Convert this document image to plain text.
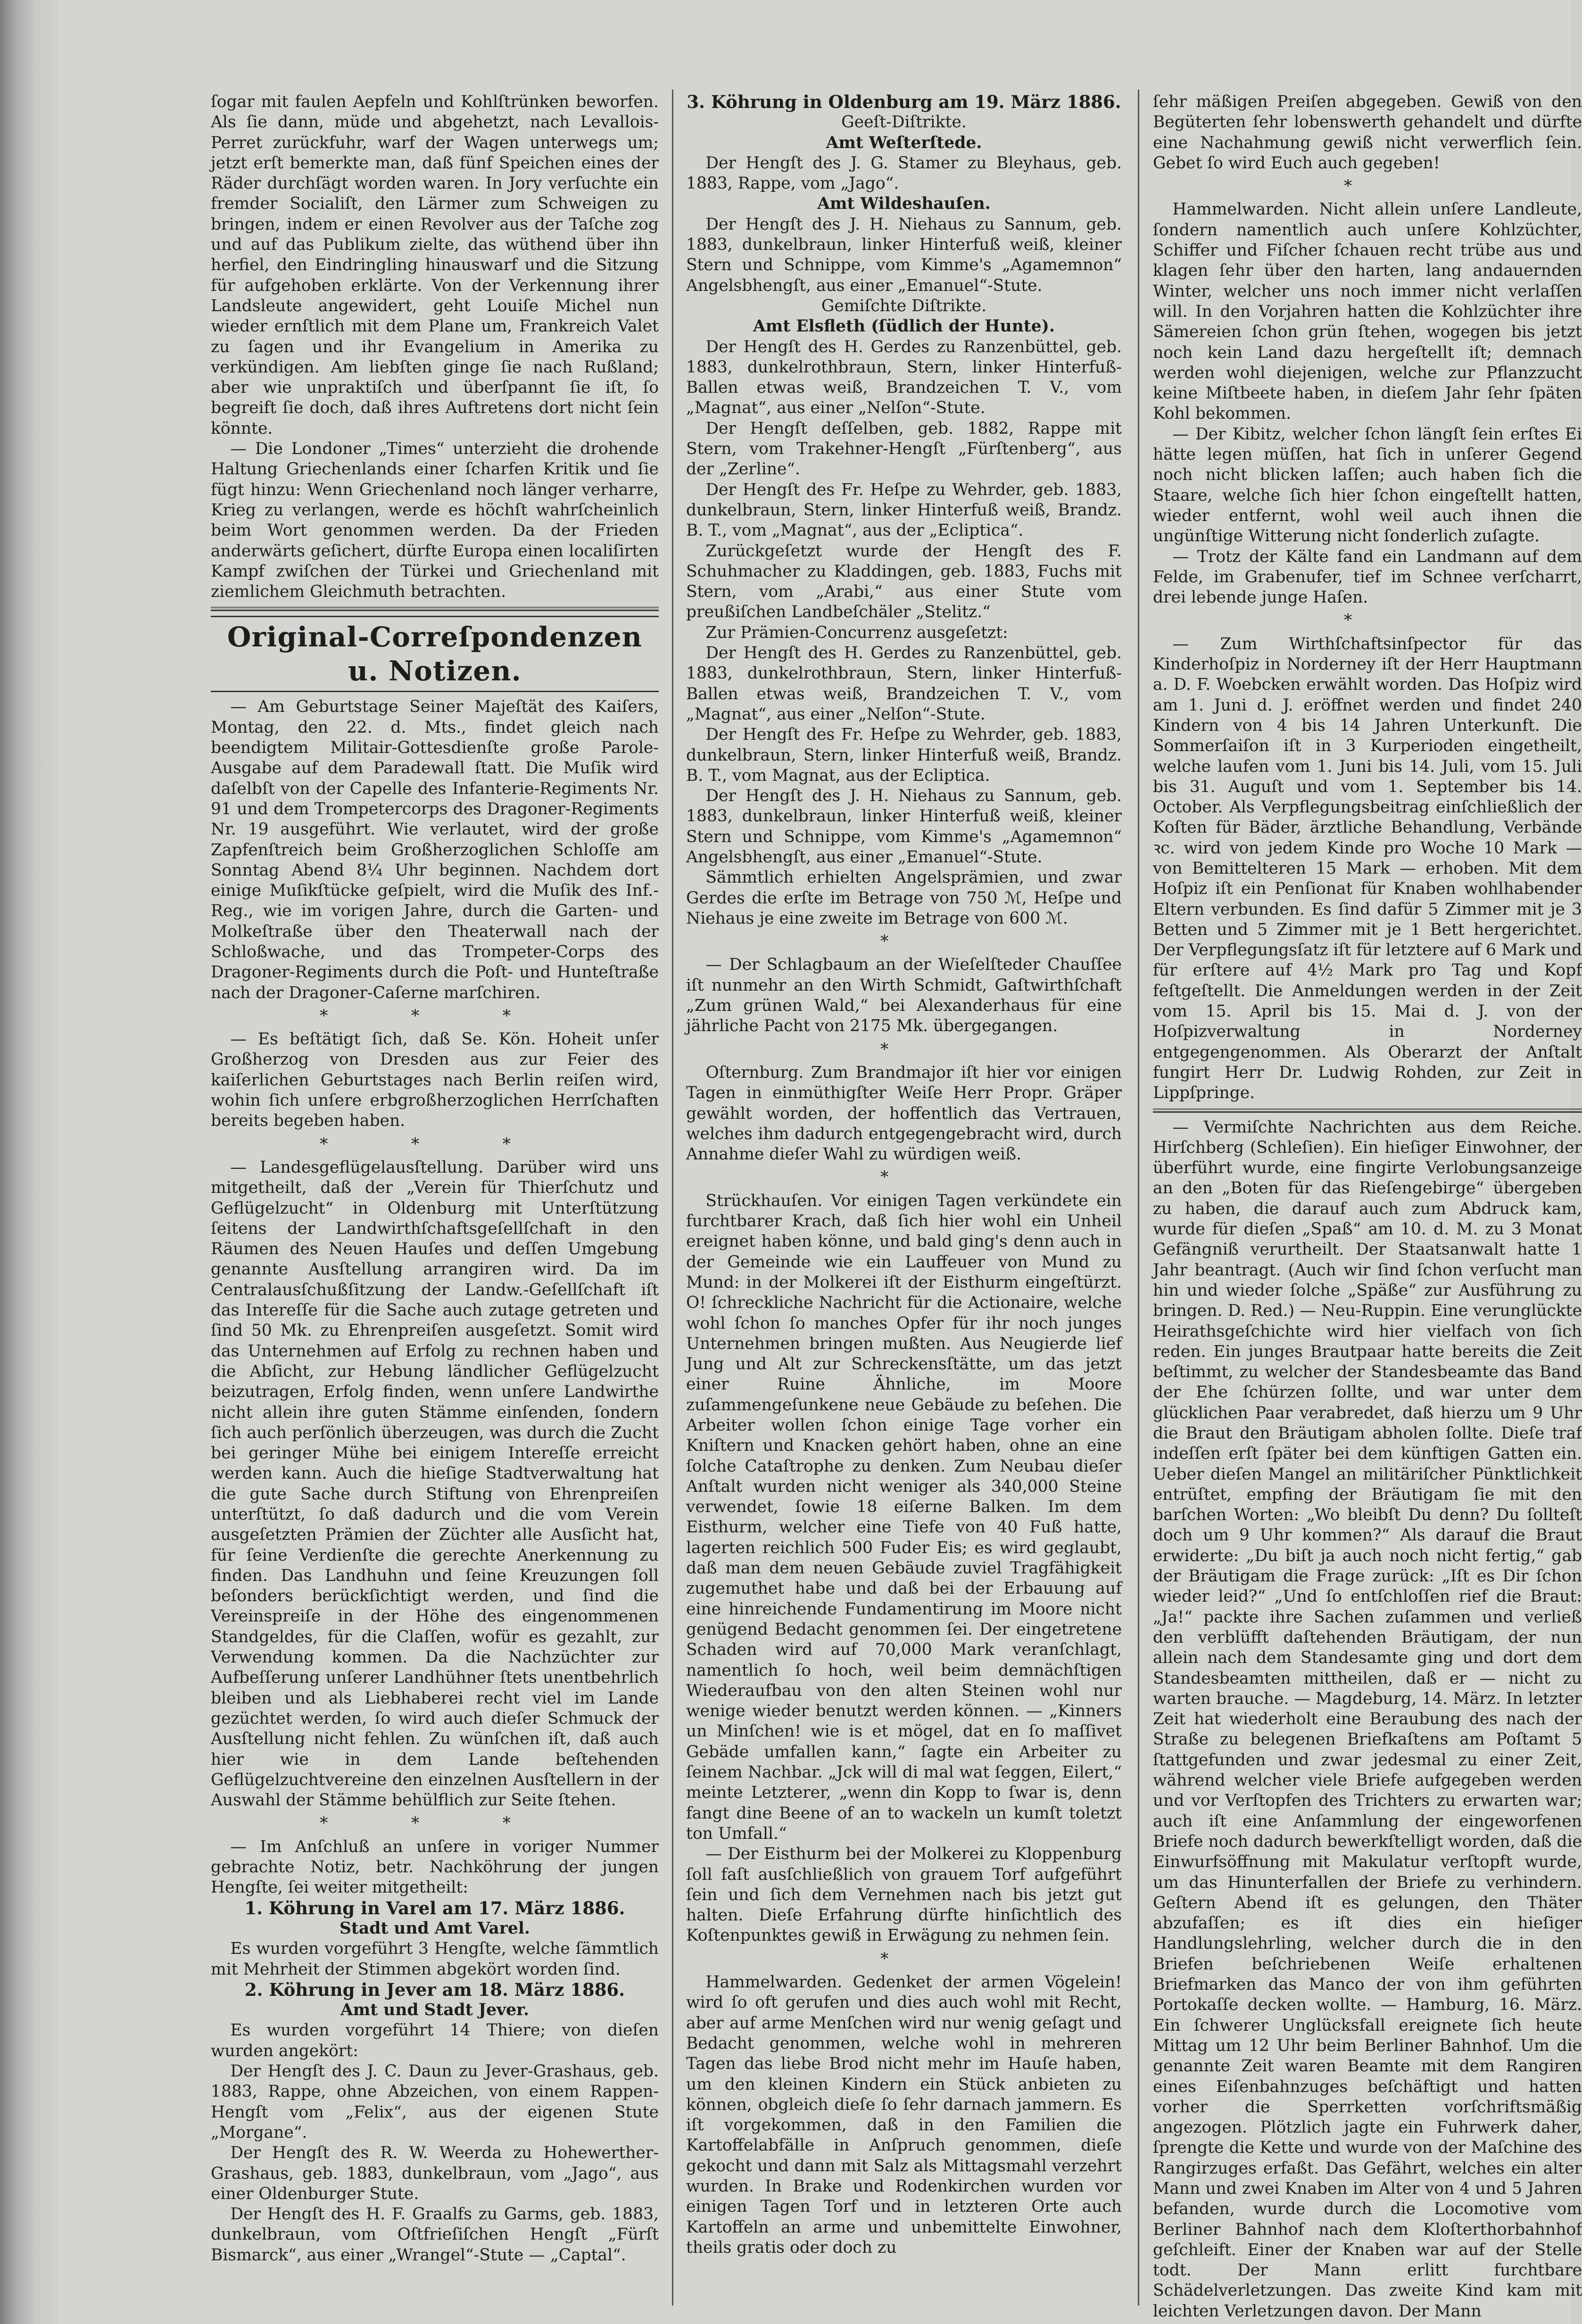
ſogar mit faulen Aepfeln und Kohlſtrünken beworfen. Als ſie dann, müde und abgehetzt, nach Levallois-Perret zurückfuhr, warf der Wagen unterwegs um; jetzt erſt bemerkte man, daß fünf Speichen eines der Räder durchſägt worden waren. In Jory verſuchte ein fremder Socialiſt, den Lärmer zum Schweigen zu bringen, indem er einen Revolver aus der Taſche zog und auf das Publikum zielte, das wüthend über ihn herfiel, den Eindringling hinauswarf und die Sitzung für aufgehoben erklärte. Von der Verkennung ihrer Landsleute angewidert, geht Louiſe Michel nun wieder ernſtlich mit dem Plane um, Frankreich Valet zu ſagen und ihr Evangelium in Amerika zu verkündigen. Am liebſten ginge ſie nach Rußland; aber wie unpraktiſch und überſpannt ſie iſt, ſo begreift ſie doch, daß ihres Auftretens dort nicht ſein könnte.

— Die Londoner „Times“ unterzieht die drohende Haltung Griechenlands einer ſcharfen Kritik und ſie fügt hinzu: Wenn Griechenland noch länger verharre, Krieg zu verlangen, werde es höchſt wahrſcheinlich beim Wort genommen werden. Da der Frieden anderwärts geſichert, dürfte Europa einen localiſirten Kampf zwiſchen der Türkei und Griechenland mit ziemlichem Gleichmuth betrachten.

Original-Correſpondenzen u. Notizen.

— Am Geburtstage Seiner Majeſtät des Kaiſers, Montag, den 22. d. Mts., findet gleich nach beendigtem Militair-Gottesdienſte große Parole-Ausgabe auf dem Paradewall ſtatt. Die Muſik wird daſelbſt von der Capelle des Infanterie-Regiments Nr. 91 und dem Trompetercorps des Dragoner-Regiments Nr. 19 ausgeführt. Wie verlautet, wird der große Zapfenſtreich beim Großherzoglichen Schloſſe am Sonntag Abend 8¼ Uhr beginnen. Nachdem dort einige Muſikſtücke geſpielt, wird die Muſik des Inf.-Reg., wie im vorigen Jahre, durch die Garten- und Molkeſtraße über den Theaterwall nach der Schloßwache, und das Trompeter-Corps des Dragoner-Regiments durch die Poſt- und Hunteſtraße nach der Dragoner-Caſerne marſchiren.

* * *

— Es beſtätigt ſich, daß Se. Kön. Hoheit unſer Großherzog von Dresden aus zur Feier des kaiſerlichen Geburtstages nach Berlin reiſen wird, wohin ſich unſere erbgroßherzoglichen Herrſchaften bereits begeben haben.

* * *

— Landesgeflügelausſtellung. Darüber wird uns mitgetheilt, daß der „Verein für Thierſchutz und Geflügelzucht“ in Oldenburg mit Unterſtützung ſeitens der Landwirthſchaftsgeſellſchaft in den Räumen des Neuen Hauſes und deſſen Umgebung genannte Ausſtellung arrangiren wird. Da im Centralausſchußſitzung der Landw.-Geſellſchaft iſt das Intereſſe für die Sache auch zutage getreten und ſind 50 Mk. zu Ehrenpreiſen ausgeſetzt. Somit wird das Unternehmen auf Erfolg zu rechnen haben und die Abſicht, zur Hebung ländlicher Geflügelzucht beizutragen, Erfolg finden, wenn unſere Landwirthe nicht allein ihre guten Stämme einſenden, ſondern ſich auch perſönlich überzeugen, was durch die Zucht bei geringer Mühe bei einigem Intereſſe erreicht werden kann. Auch die hieſige Stadtverwaltung hat die gute Sache durch Stiftung von Ehrenpreiſen unterſtützt, ſo daß dadurch und die vom Verein ausgeſetzten Prämien der Züchter alle Ausſicht hat, für ſeine Verdienſte die gerechte Anerkennung zu finden. Das Landhuhn und ſeine Kreuzungen ſoll beſonders berückſichtigt werden, und ſind die Vereinspreiſe in der Höhe des eingenommenen Standgeldes, für die Claſſen, wofür es gezahlt, zur Verwendung kommen. Da die Nachzüchter zur Aufbeſſerung unſerer Landhühner ſtets unentbehrlich bleiben und als Liebhaberei recht viel im Lande gezüchtet werden, ſo wird auch dieſer Schmuck der Ausſtellung nicht fehlen. Zu wünſchen iſt, daß auch hier wie in dem Lande beſtehenden Geflügelzuchtvereine den einzelnen Ausſtellern in der Auswahl der Stämme behülflich zur Seite ſtehen.

* * *

— Im Anſchluß an unſere in voriger Nummer gebrachte Notiz, betr. Nachköhrung der jungen Hengſte, ſei weiter mitgetheilt:

1. Köhrung in Varel am 17. März 1886.
Stadt und Amt Varel.

Es wurden vorgeführt 3 Hengſte, welche ſämmtlich mit Mehrheit der Stimmen abgekört worden ſind.

2. Köhrung in Jever am 18. März 1886.
Amt und Stadt Jever.

Es wurden vorgeführt 14 Thiere; von dieſen wurden angekört:

Der Hengſt des J. C. Daun zu Jever-Grashaus, geb. 1883, Rappe, ohne Abzeichen, von einem Rappen-Hengſt vom „Felix“, aus der eigenen Stute „Morgane“.

Der Hengſt des R. W. Weerda zu Hohewerther-Grashaus, geb. 1883, dunkelbraun, vom „Jago“, aus einer Oldenburger Stute.

Der Hengſt des H. F. Graalfs zu Garms, geb. 1883, dunkelbraun, vom Oſtfrieſiſchen Hengſt „Fürſt Bismarck“, aus einer „Wrangel“-Stute — „Captal“.

3. Köhrung in Oldenburg am 19. März 1886.
Geeſt-Diſtrikte.
Amt Weſterſtede.

Der Hengſt des J. G. Stamer zu Bleyhaus, geb. 1883, Rappe, vom „Jago“.

Amt Wildeshauſen.

Der Hengſt des J. H. Niehaus zu Sannum, geb. 1883, dunkelbraun, linker Hinterfuß weiß, kleiner Stern und Schnippe, vom Kimme's „Agamemnon“ Angelsbhengſt, aus einer „Emanuel“-Stute.

Gemiſchte Diſtrikte.
Amt Elsfleth (ſüdlich der Hunte).

Der Hengſt des H. Gerdes zu Ranzenbüttel, geb. 1883, dunkelrothbraun, Stern, linker Hinterfuß-Ballen etwas weiß, Brandzeichen T. V., vom „Magnat“, aus einer „Nelſon“-Stute.

Der Hengſt deſſelben, geb. 1882, Rappe mit Stern, vom Trakehner-Hengſt „Fürſtenberg“, aus der „Zerline“.

Der Hengſt des Fr. Heſpe zu Wehrder, geb. 1883, dunkelbraun, Stern, linker Hinterfuß weiß, Brandz. B. T., vom „Magnat“, aus der „Ecliptica“.

Zurückgeſetzt wurde der Hengſt des F. Schuhmacher zu Kladdingen, geb. 1883, Fuchs mit Stern, vom „Arabi,“ aus einer Stute vom preußiſchen Landbeſchäler „Stelitz.“

Zur Prämien-Concurrenz ausgeſetzt:

Der Hengſt des H. Gerdes zu Ranzenbüttel, geb. 1883, dunkelrothbraun, Stern, linker Hinterfuß-Ballen etwas weiß, Brandzeichen T. V., vom „Magnat“, aus einer „Nelſon“-Stute.

Der Hengſt des Fr. Heſpe zu Wehrder, geb. 1883, dunkelbraun, Stern, linker Hinterfuß weiß, Brandz. B. T., vom Magnat, aus der Ecliptica.

Der Hengſt des J. H. Niehaus zu Sannum, geb. 1883, dunkelbraun, linker Hinterfuß weiß, kleiner Stern und Schnippe, vom Kimme's „Agamemnon“ Angelsbhengſt, aus einer „Emanuel“-Stute.

Sämmtlich erhielten Angelsprämien, und zwar Gerdes die erſte im Betrage von 750 ℳ, Heſpe und Niehaus je eine zweite im Betrage von 600 ℳ.

*

— Der Schlagbaum an der Wieſelſteder Chauſſee iſt nunmehr an den Wirth Schmidt, Gaſtwirthſchaft „Zum grünen Wald,“ bei Alexanderhaus für eine jährliche Pacht von 2175 Mk. übergegangen.

*

Oſternburg. Zum Brandmajor iſt hier vor einigen Tagen in einmüthigſter Weiſe Herr Propr. Gräper gewählt worden, der hoffentlich das Vertrauen, welches ihm dadurch entgegengebracht wird, durch Annahme dieſer Wahl zu würdigen weiß.

*

Strückhauſen. Vor einigen Tagen verkündete ein furchtbarer Krach, daß ſich hier wohl ein Unheil ereignet haben könne, und bald ging's denn auch in der Gemeinde wie ein Lauffeuer von Mund zu Mund: in der Molkerei iſt der Eisthurm eingeſtürzt. O! ſchreckliche Nachricht für die Actionaire, welche wohl ſchon ſo manches Opfer für ihr noch junges Unternehmen bringen mußten. Aus Neugierde lief Jung und Alt zur Schreckensſtätte, um das jetzt einer Ruine Ähnliche, im Moore zuſammengeſunkene neue Gebäude zu beſehen. Die Arbeiter wollen ſchon einige Tage vorher ein Kniſtern und Knacken gehört haben, ohne an eine ſolche Cataſtrophe zu denken. Zum Neubau dieſer Anſtalt wurden nicht weniger als 340,000 Steine verwendet, ſowie 18 eiſerne Balken. Im dem Eisthurm, welcher eine Tiefe von 40 Fuß hatte, lagerten reichlich 500 Fuder Eis; es wird geglaubt, daß man dem neuen Gebäude zuviel Tragfähigkeit zugemuthet habe und daß bei der Erbauung auf eine hinreichende Fundamentirung im Moore nicht genügend Bedacht genommen ſei. Der eingetretene Schaden wird auf 70,000 Mark veranſchlagt, namentlich ſo hoch, weil beim demnächſtigen Wiederaufbau von den alten Steinen wohl nur wenige wieder benutzt werden können. — „Kinners un Minſchen! wie is et mögel, dat en ſo maſſivet Gebäde umfallen kann,“ ſagte ein Arbeiter zu ſeinem Nachbar. „Jck will di mal wat ſeggen, Eilert,“ meinte Letzterer, „wenn din Kopp to ſwar is, denn fangt dine Beene of an to wackeln un kumſt toletzt ton Umfall.“

— Der Eisthurm bei der Molkerei zu Kloppenburg ſoll faſt ausſchließlich von grauem Torf aufgeführt ſein und ſich dem Vernehmen nach bis jetzt gut halten. Dieſe Erfahrung dürfte hinſichtlich des Koſtenpunktes gewiß in Erwägung zu nehmen ſein.

*

Hammelwarden. Gedenket der armen Vögelein! wird ſo oft gerufen und dies auch wohl mit Recht, aber auf arme Menſchen wird nur wenig geſagt und Bedacht genommen, welche wohl in mehreren Tagen das liebe Brod nicht mehr im Hauſe haben, um den kleinen Kindern ein Stück anbieten zu können, obgleich dieſe ſo ſehr darnach jammern. Es iſt vorgekommen, daß in den Familien die Kartoffelabfälle in Anſpruch genommen, dieſe gekocht und dann mit Salz als Mittagsmahl verzehrt wurden. In Brake und Rodenkirchen wurden vor einigen Tagen Torf und in letzteren Orte auch Kartoffeln an arme und unbemittelte Einwohner, theils gratis oder doch zu

ſehr mäßigen Preiſen abgegeben. Gewiß von den Begüterten ſehr lobenswerth gehandelt und dürfte eine Nachahmung gewiß nicht verwerflich ſein. Gebet ſo wird Euch auch gegeben!

*

Hammelwarden. Nicht allein unſere Landleute, ſondern namentlich auch unſere Kohlzüchter, Schiffer und Fiſcher ſchauen recht trübe aus und klagen ſehr über den harten, lang andauernden Winter, welcher uns noch immer nicht verlaſſen will. In den Vorjahren hatten die Kohlzüchter ihre Sämereien ſchon grün ſtehen, wogegen bis jetzt noch kein Land dazu hergeſtellt iſt; demnach werden wohl diejenigen, welche zur Pflanzzucht keine Miſtbeete haben, in dieſem Jahr ſehr ſpäten Kohl bekommen.

— Der Kibitz, welcher ſchon längſt ſein erſtes Ei hätte legen müſſen, hat ſich in unſerer Gegend noch nicht blicken laſſen; auch haben ſich die Staare, welche ſich hier ſchon eingeſtellt hatten, wieder entfernt, wohl weil auch ihnen die ungünſtige Witterung nicht ſonderlich zuſagte.

— Trotz der Kälte fand ein Landmann auf dem Felde, im Grabenufer, tief im Schnee verſcharrt, drei lebende junge Haſen.

*

— Zum Wirthſchaftsinſpector für das Kinderhoſpiz in Norderney iſt der Herr Hauptmann a. D. F. Woebcken erwählt worden. Das Hoſpiz wird am 1. Juni d. J. eröffnet werden und findet 240 Kindern von 4 bis 14 Jahren Unterkunft. Die Sommerſaiſon iſt in 3 Kurperioden eingetheilt, welche laufen vom 1. Juni bis 14. Juli, vom 15. Juli bis 31. Auguſt und vom 1. September bis 14. October. Als Verpflegungsbeitrag einſchließlich der Koſten für Bäder, ärztliche Behandlung, Verbände ꝛc. wird von jedem Kinde pro Woche 10 Mark — von Bemittelteren 15 Mark — erhoben. Mit dem Hoſpiz iſt ein Penſionat für Knaben wohlhabender Eltern verbunden. Es ſind dafür 5 Zimmer mit je 3 Betten und 5 Zimmer mit je 1 Bett hergerichtet. Der Verpflegungsſatz iſt für letztere auf 6 Mark und für erſtere auf 4½ Mark pro Tag und Kopf feſtgeſtellt. Die Anmeldungen werden in der Zeit vom 15. April bis 15. Mai d. J. von der Hoſpizverwaltung in Norderney entgegengenommen. Als Oberarzt der Anſtalt fungirt Herr Dr. Ludwig Rohden, zur Zeit in Lippſpringe.

— Vermiſchte Nachrichten aus dem Reiche. Hirſchberg (Schleſien). Ein hieſiger Einwohner, der überführt wurde, eine fingirte Verlobungsanzeige an den „Boten für das Rieſengebirge“ übergeben zu haben, die darauf auch zum Abdruck kam, wurde für dieſen „Spaß“ am 10. d. M. zu 3 Monat Gefängniß verurtheilt. Der Staatsanwalt hatte 1 Jahr beantragt. (Auch wir ſind ſchon verſucht man hin und wieder ſolche „Späße“ zur Ausführung zu bringen. D. Red.) — Neu-Ruppin. Eine verunglückte Heirathsgeſchichte wird hier vielfach von ſich reden. Ein junges Brautpaar hatte bereits die Zeit beſtimmt, zu welcher der Standesbeamte das Band der Ehe ſchürzen ſollte, und war unter dem glücklichen Paar verabredet, daß hierzu um 9 Uhr die Braut den Bräutigam abholen ſollte. Dieſe traf indeſſen erſt ſpäter bei dem künftigen Gatten ein. Ueber dieſen Mangel an militäriſcher Pünktlichkeit entrüſtet, empfing der Bräutigam ſie mit den barſchen Worten: „Wo bleibſt Du denn? Du ſollteſt doch um 9 Uhr kommen?“ Als darauf die Braut erwiderte: „Du biſt ja auch noch nicht fertig,“ gab der Bräutigam die Frage zurück: „Iſt es Dir ſchon wieder leid?“ „Und ſo entſchloſſen rief die Braut: „Ja!“ packte ihre Sachen zuſammen und verließ den verblüfft daſtehenden Bräutigam, der nun allein nach dem Standesamte ging und dort dem Standesbeamten mittheilen, daß er — nicht zu warten brauche. — Magdeburg, 14. März. In letzter Zeit hat wiederholt eine Beraubung des nach der Straße zu belegenen Briefkaſtens am Poſtamt 5 ſtattgefunden und zwar jedesmal zu einer Zeit, während welcher viele Briefe aufgegeben werden und vor Verſtopfen des Trichters zu erwarten war; auch iſt eine Anſammlung der eingeworfenen Briefe noch dadurch bewerkſtelligt worden, daß die Einwurfsöffnung mit Makulatur verſtopft wurde, um das Hinunterfallen der Briefe zu verhindern. Geſtern Abend iſt es gelungen, den Thäter abzufaſſen; es iſt dies ein hieſiger Handlungslehrling, welcher durch die in den Briefen beſchriebenen Weiſe erhaltenen Briefmarken das Manco der von ihm geführten Portokaſſe decken wollte. — Hamburg, 16. März. Ein ſchwerer Unglücksfall ereignete ſich heute Mittag um 12 Uhr beim Berliner Bahnhof. Um die genannte Zeit waren Beamte mit dem Rangiren eines Eiſenbahnzuges beſchäftigt und hatten vorher die Sperrketten vorſchriftsmäßig angezogen. Plötzlich jagte ein Fuhrwerk daher, ſprengte die Kette und wurde von der Maſchine des Rangirzuges erfaßt. Das Gefährt, welches ein alter Mann und zwei Knaben im Alter von 4 und 5 Jahren befanden, wurde durch die Locomotive vom Berliner Bahnhof nach dem Kloſterthorbahnhof geſchleift. Einer der Knaben war auf der Stelle todt. Der Mann erlitt furchtbare Schädelverletzungen. Das zweite Kind kam mit leichten Verletzungen davon. Der Mann
